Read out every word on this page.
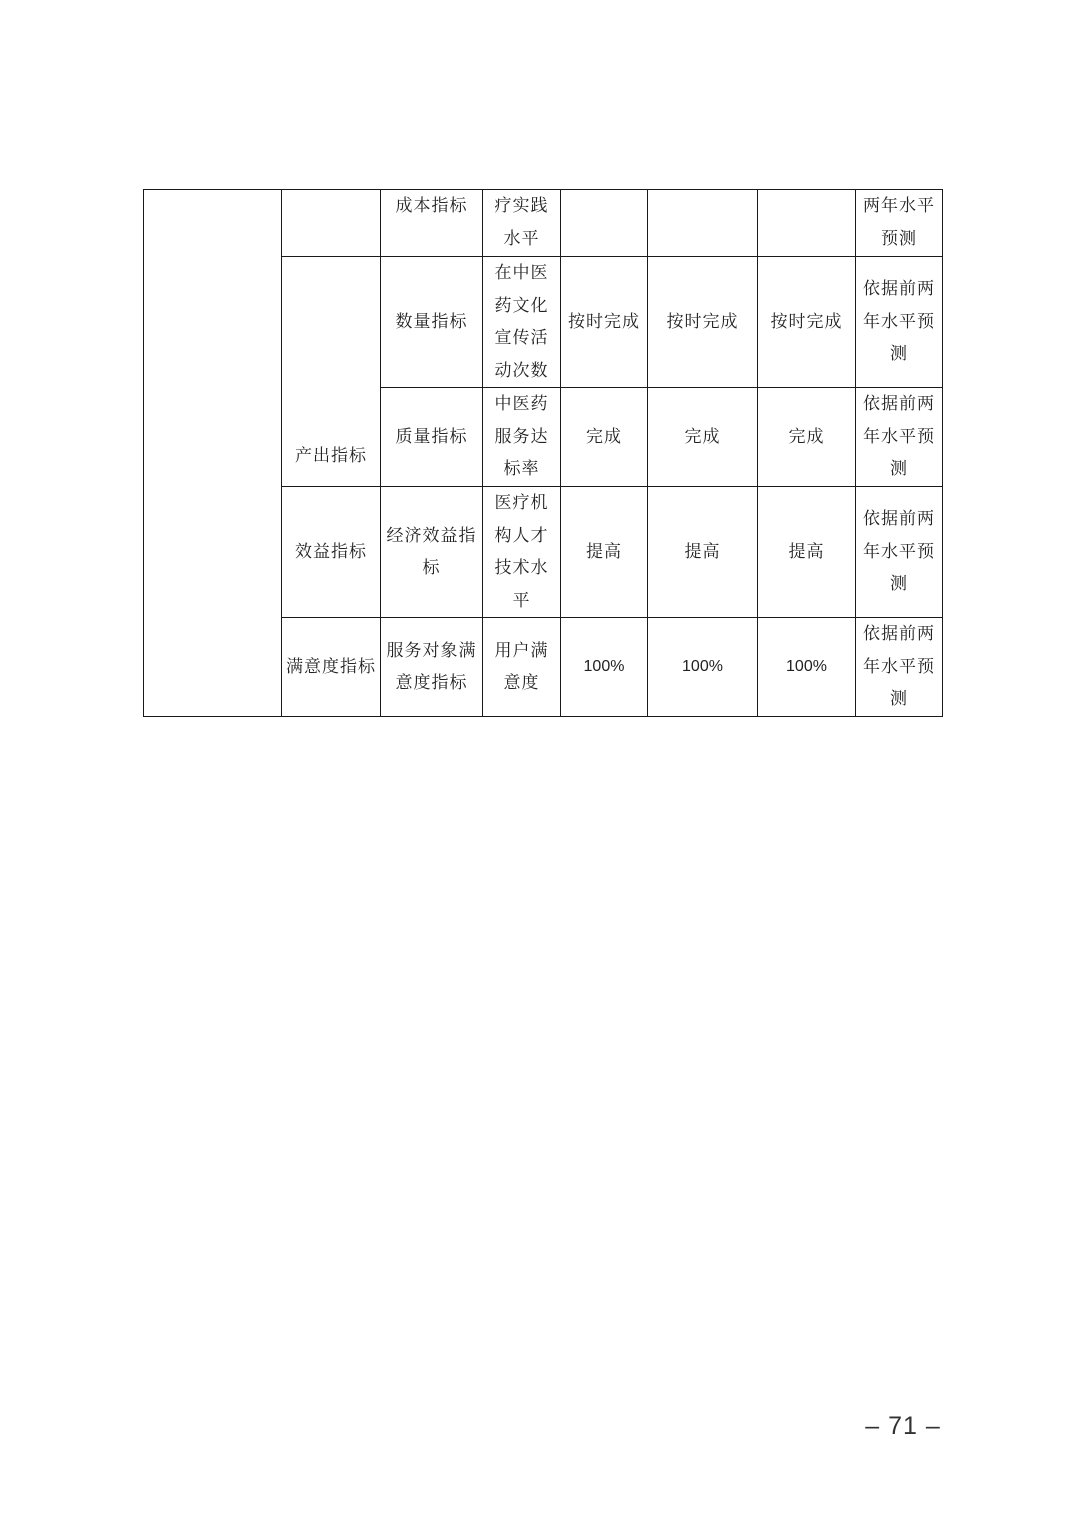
		成本指标	疗实践水平				两年水平预测
	产出指标	数量指标	在中医药文化宣传活动次数	按时完成	按时完成	按时完成	依据前两年水平预测
		质量指标	中医药服务达标率	完成	完成	完成	依据前两年水平预测
	效益指标	经济效益指标	医疗机构人才技术水平	提高	提高	提高	依据前两年水平预测
	满意度指标	服务对象满意度指标	用户满意度	100%	100%	100%	依据前两年水平预测
– 71 –
